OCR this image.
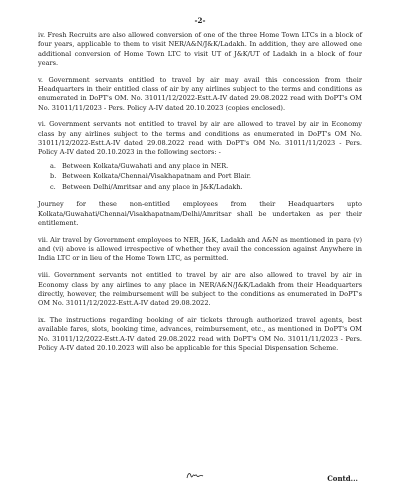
-2-

iv. Fresh Recruits are also allowed conversion of one of the three Home Town LTCs in a block of four years, applicable to them to visit NER/A&N/J&K/Ladakh. In addition, they are allowed one additional conversion of Home Town LTC to visit UT of J&K/UT of Ladakh in a block of four years.

v. Government servants entitled to travel by air may avail this concession from their Headquarters in their entitled class of air by any airlines subject to the terms and conditions as enumerated in DoPT's OM. No. 31011/12/2022-Estt.A-IV dated 29.08.2022 read with DoPT's OM No. 31011/11/2023 - Pers. Policy A-IV dated 20.10.2023 (copies enclosed).

vi. Government servants not entitled to travel by air are allowed to travel by air in Economy class by any airlines subject to the terms and conditions as enumerated in DoPT's OM No. 31011/12/2022-Estt.A-IV dated 29.08.2022 read with DoPT's OM No. 31011/11/2023 - Pers. Policy A-IV dated 20.10.2023 in the following sectors: -

a. Between Kolkata/Guwahati and any place in NER.
b. Between Kolkata/Chennai/Visakhapatnam and Port Blair.
c. Between Delhi/Amritsar and any place in J&K/Ladakh.

Journey for these non-entitled employees from their Headquarters upto Kolkata/Guwahati/Chennai/Visakhapatnam/Delhi/Amritsar shall be undertaken as per their entitlement.

vii. Air travel by Government employees to NER, J&K, Ladakh and A&N as mentioned in para (v) and (vi) above is allowed irrespective of whether they avail the concession against Anywhere in India LTC or in lieu of the Home Town LTC, as permitted.

viii. Government servants not entitled to travel by air are also allowed to travel by air in Economy class by any airlines to any place in NER/A&N/J&K/Ladakh from their Headquarters directly, however, the reimbursement will be subject to the conditions as enumerated in DoPT's OM No. 31011/12/2022-Estt.A-IV dated 29.08.2022.

ix. The instructions regarding booking of air tickets through authorized travel agents, best available fares, slots, booking time, advances, reimbursement, etc., as mentioned in DoPT's OM No. 31011/12/2022-Estt.A-IV dated 29.08.2022 read with DoPT's OM No. 31011/11/2023 - Pers. Policy A-IV dated 20.10.2023 will also be applicable for this Special Dispensation Scheme.

Contd...
